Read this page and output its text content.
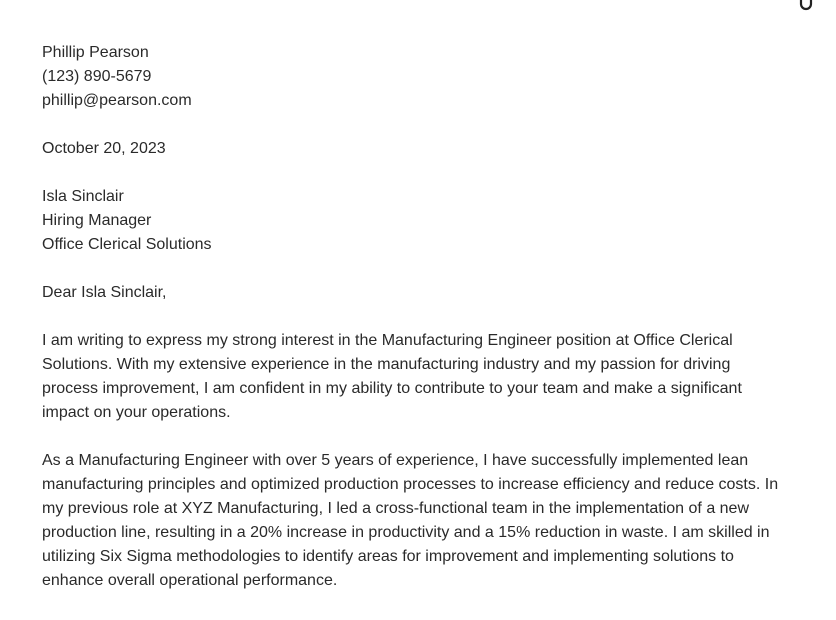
Phillip Pearson
(123) 890-5679
phillip@pearson.com
October 20, 2023
Isla Sinclair
Hiring Manager
Office Clerical Solutions
Dear Isla Sinclair,

I am writing to express my strong interest in the Manufacturing Engineer position at Office Clerical
Solutions. With my extensive experience in the manufacturing industry and my passion for driving
process improvement, I am confident in my ability to contribute to your team and make a significant
impact on your operations.

As a Manufacturing Engineer with over 5 years of experience, I have successfully implemented lean
manufacturing principles and optimized production processes to increase efficiency and reduce costs. In
my previous role at XYZ Manufacturing, I led a cross-functional team in the implementation of a new
production line, resulting in a 20% increase in productivity and a 15% reduction in waste. I am skilled in
utilizing Six Sigma methodologies to identify areas for improvement and implementing solutions to
enhance overall operational performance.
